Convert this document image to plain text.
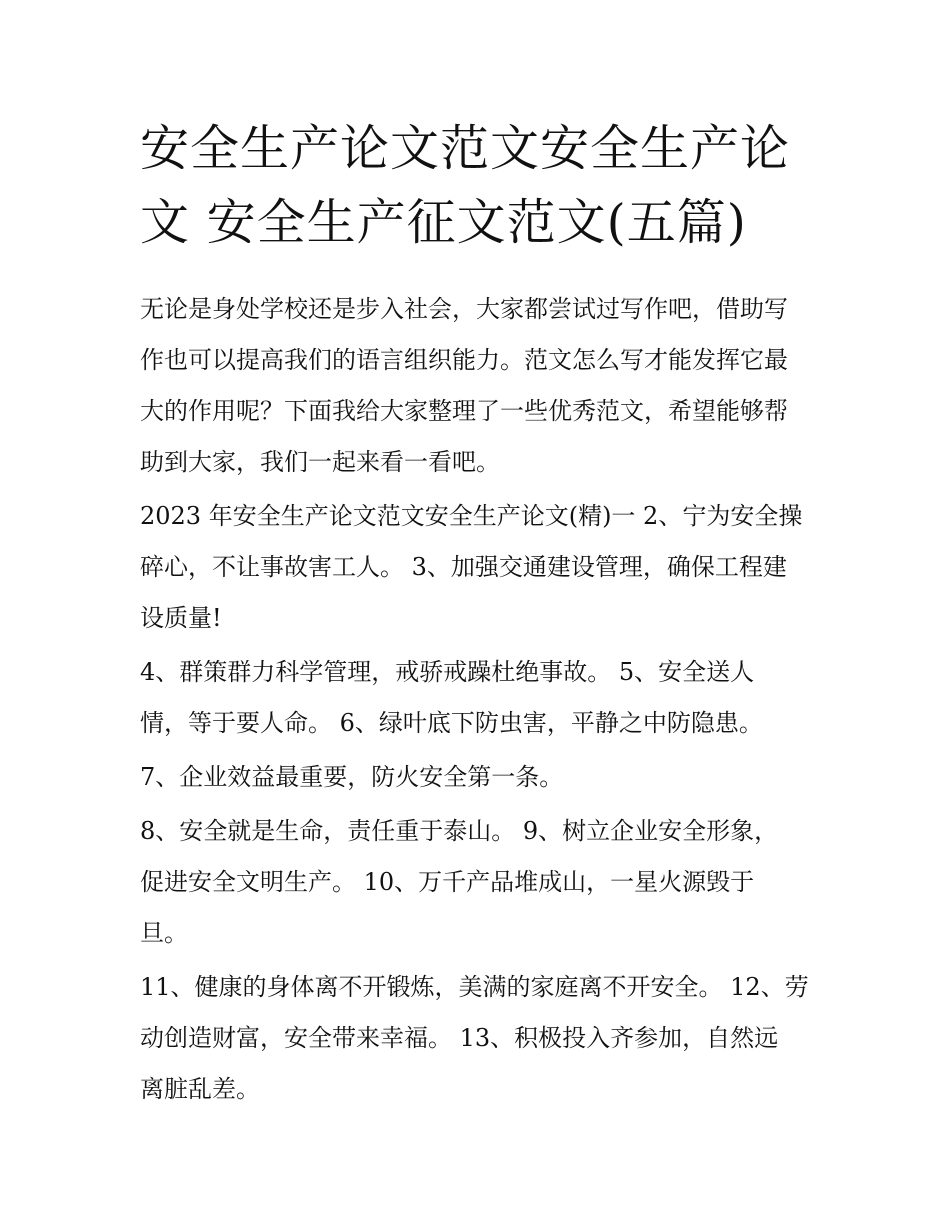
安全生产论文范文安全生产论
文 安全生产征文范文(五篇)

无论是身处学校还是步入社会，大家都尝试过写作吧，借助写
作也可以提高我们的语言组织能力。范文怎么写才能发挥它最
大的作用呢？下面我给大家整理了一些优秀范文，希望能够帮
助到大家，我们一起来看一看吧。

2023 年安全生产论文范文安全生产论文(精)一 2、宁为安全操
碎心，不让事故害工人。 3、加强交通建设管理，确保工程建
设质量!

4、群策群力科学管理，戒骄戒躁杜绝事故。 5、安全送人
情，等于要人命。 6、绿叶底下防虫害，平静之中防隐患。

7、企业效益最重要，防火安全第一条。

8、安全就是生命，责任重于泰山。 9、树立企业安全形象，
促进安全文明生产。 10、万千产品堆成山，一星火源毁于
旦。

11、健康的身体离不开锻炼，美满的家庭离不开安全。 12、劳
动创造财富，安全带来幸福。 13、积极投入齐参加，自然远
离脏乱差。
